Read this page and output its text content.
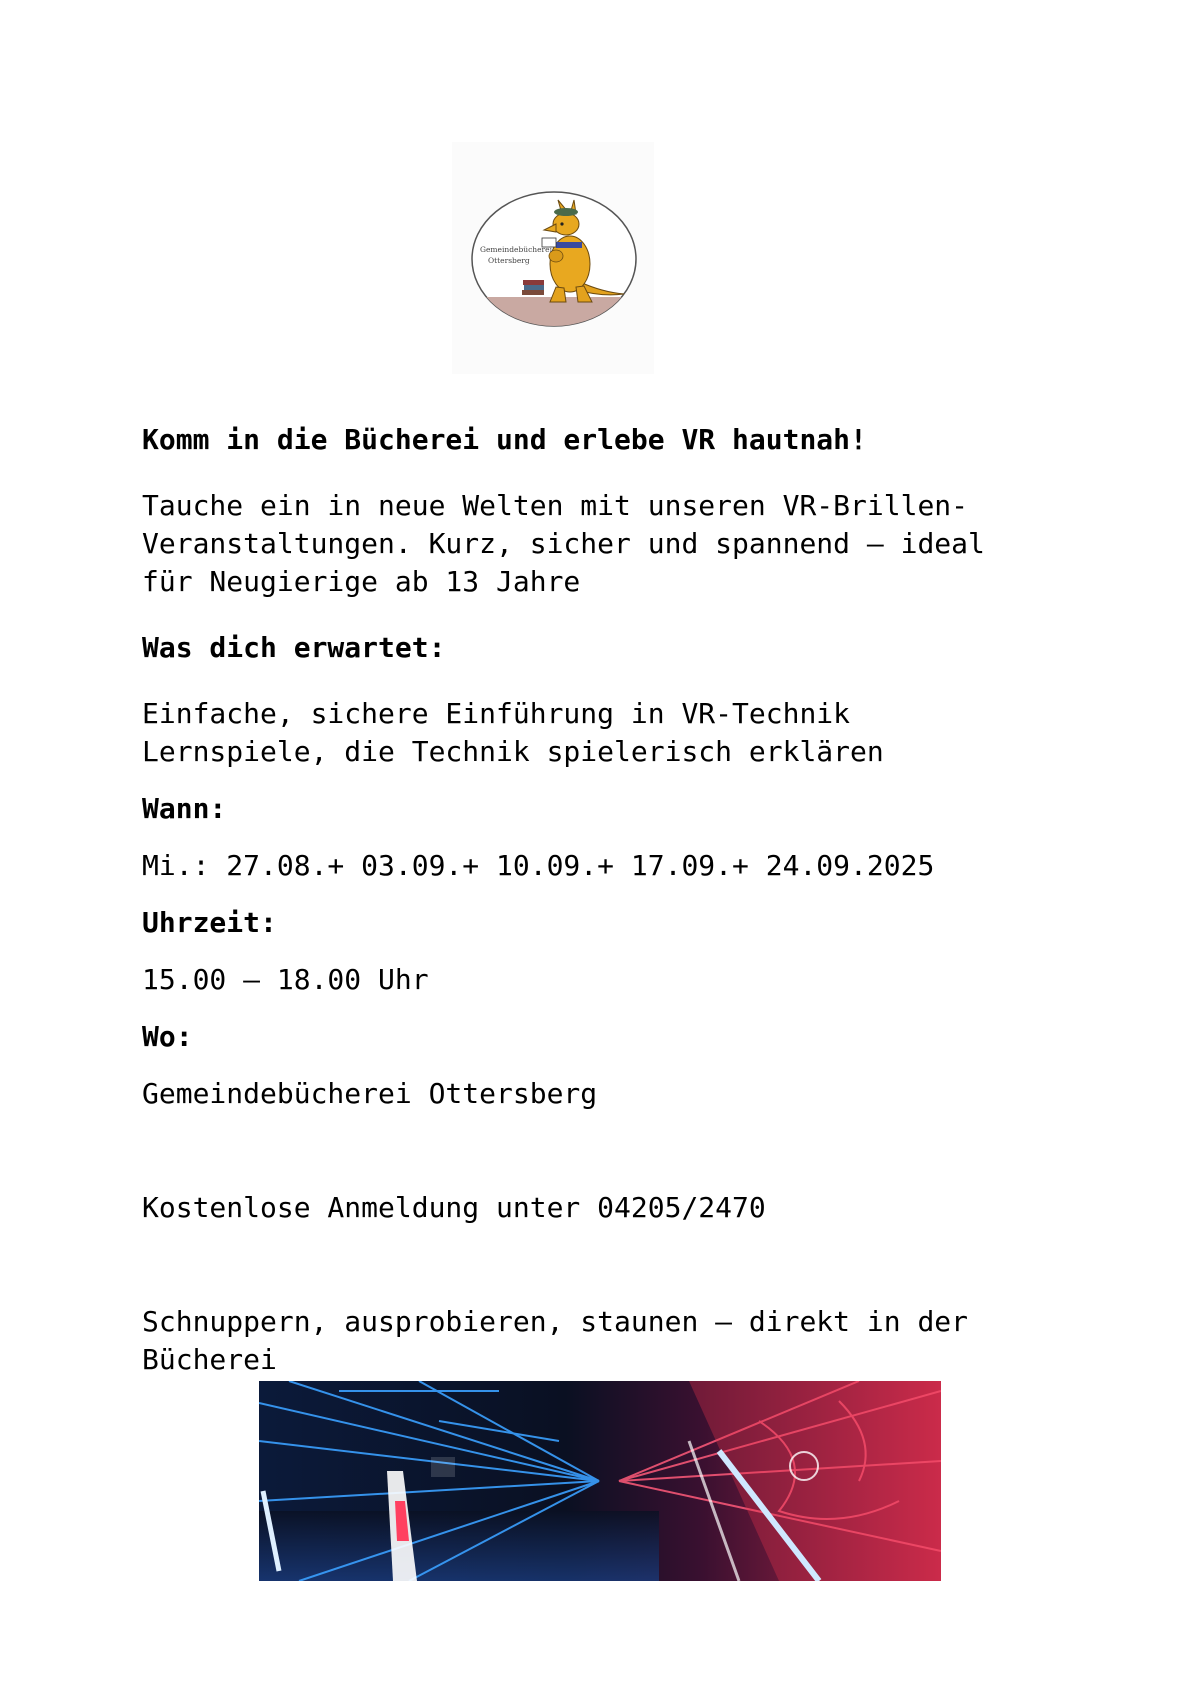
Gemeindebücherei
Ottersberg

Komm in die Bücherei und erlebe VR hautnah!

Tauche ein in neue Welten mit unseren VR-Brillen-

Veranstaltungen. Kurz, sicher und spannend – ideal

für Neugierige ab 13 Jahre

Was dich erwartet:

Einfache, sichere Einführung in VR-Technik

Lernspiele, die Technik spielerisch erklären

Wann:

Mi.: 27.08.+ 03.09.+ 10.09.+ 17.09.+ 24.09.2025

Uhrzeit:

15.00 – 18.00 Uhr

Wo:

Gemeindebücherei Ottersberg

Kostenlose Anmeldung unter 04205/2470

Schnuppern, ausprobieren, staunen – direkt in der

Bücherei
